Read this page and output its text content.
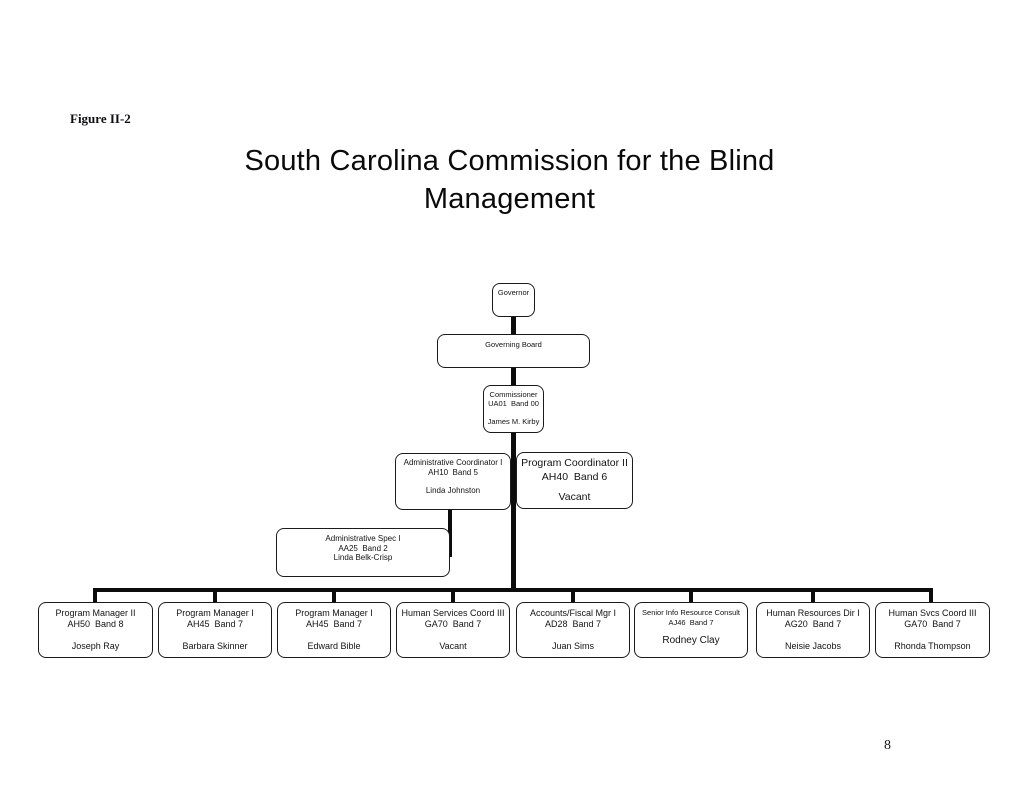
Figure II-2
South Carolina Commission for the Blind
Management
Governor
Governing Board
Commissioner
UA01  Band 00
James M. Kirby
Administrative Coordinator I
AH10  Band 5
Linda Johnston
Program Coordinator II
AH40  Band 6
Vacant
Administrative Spec I
AA25  Band 2
Linda Belk-Crisp
Program Manager II
AH50  Band 8
Joseph Ray
Program Manager I
AH45  Band 7
Barbara Skinner
Program Manager I
AH45  Band 7
Edward Bible
Human Services Coord III
GA70  Band 7
Vacant
Accounts/Fiscal Mgr I
AD28  Band 7
Juan Sims
Senior Info Resource Consult
AJ46  Band 7
Rodney Clay
Human Resources Dir I
AG20  Band 7
Neisie Jacobs
Human Svcs Coord III
GA70  Band 7
Rhonda Thompson
8
